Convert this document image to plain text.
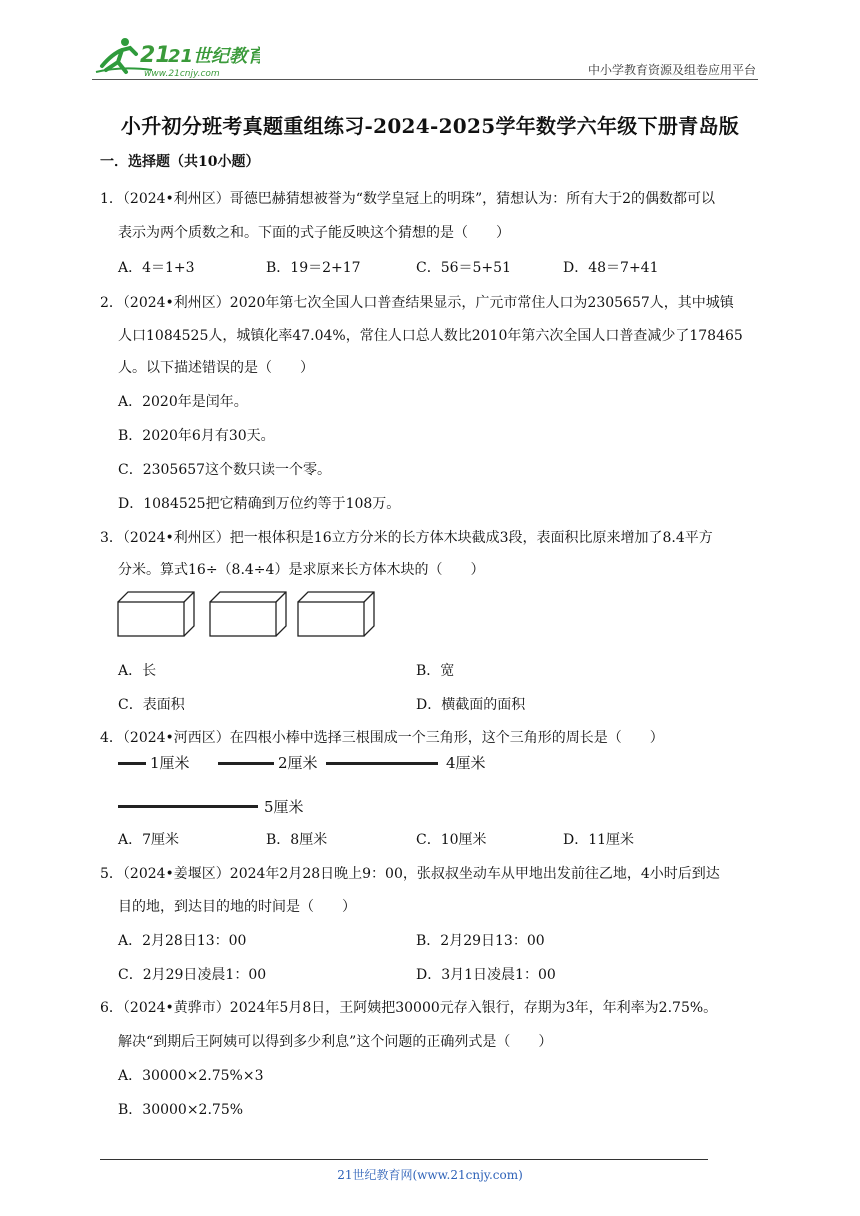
21
21世纪教育
www.21cnjy.com	中小学教育资源及组卷应用平台
小升初分班考真题重组练习-2024-2025学年数学六年级下册青岛版
一．选择题（共10小题）
1．（2024•利州区）哥德巴赫猜想被誉为“数学皇冠上的明珠”，猜想认为：所有大于2的偶数都可以
表示为两个质数之和。下面的式子能反映这个猜想的是（　　）
A．4＝1+3	B．19＝2+17	C．56＝5+51	D．48＝7+41
2．（2024•利州区）2020年第七次全国人口普查结果显示，广元市常住人口为2305657人，其中城镇
人口1084525人，城镇化率47.04%，常住人口总人数比2010年第六次全国人口普查减少了178465
人。以下描述错误的是（　　）
A．2020年是闰年。
B．2020年6月有30天。
C．2305657这个数只读一个零。
D．1084525把它精确到万位约等于108万。
3．（2024•利州区）把一根体积是16立方分米的长方体木块截成3段，表面积比原来增加了8.4平方
分米。算式16÷（8.4÷4）是求原来长方体木块的（　　）
A．长	B．宽
C．表面积	D．横截面的面积
4．（2024•河西区）在四根小棒中选择三根围成一个三角形，这个三角形的周长是（　　）
1厘米	2厘米	4厘米
5厘米
A．7厘米	B．8厘米	C．10厘米	D．11厘米
5．（2024•姜堰区）2024年2月28日晚上9：00，张叔叔坐动车从甲地出发前往乙地，4小时后到达
目的地，到达目的地的时间是（　　）
A．2月28日13：00	B．2月29日13：00
C．2月29日凌晨1：00	D．3月1日凌晨1：00
6．（2024•黄骅市）2024年5月8日，王阿姨把30000元存入银行，存期为3年，年利率为2.75%。
解决“到期后王阿姨可以得到多少利息”这个问题的正确列式是（　　）
A．30000×2.75%×3
B．30000×2.75%
21世纪教育网(www.21cnjy.com)
